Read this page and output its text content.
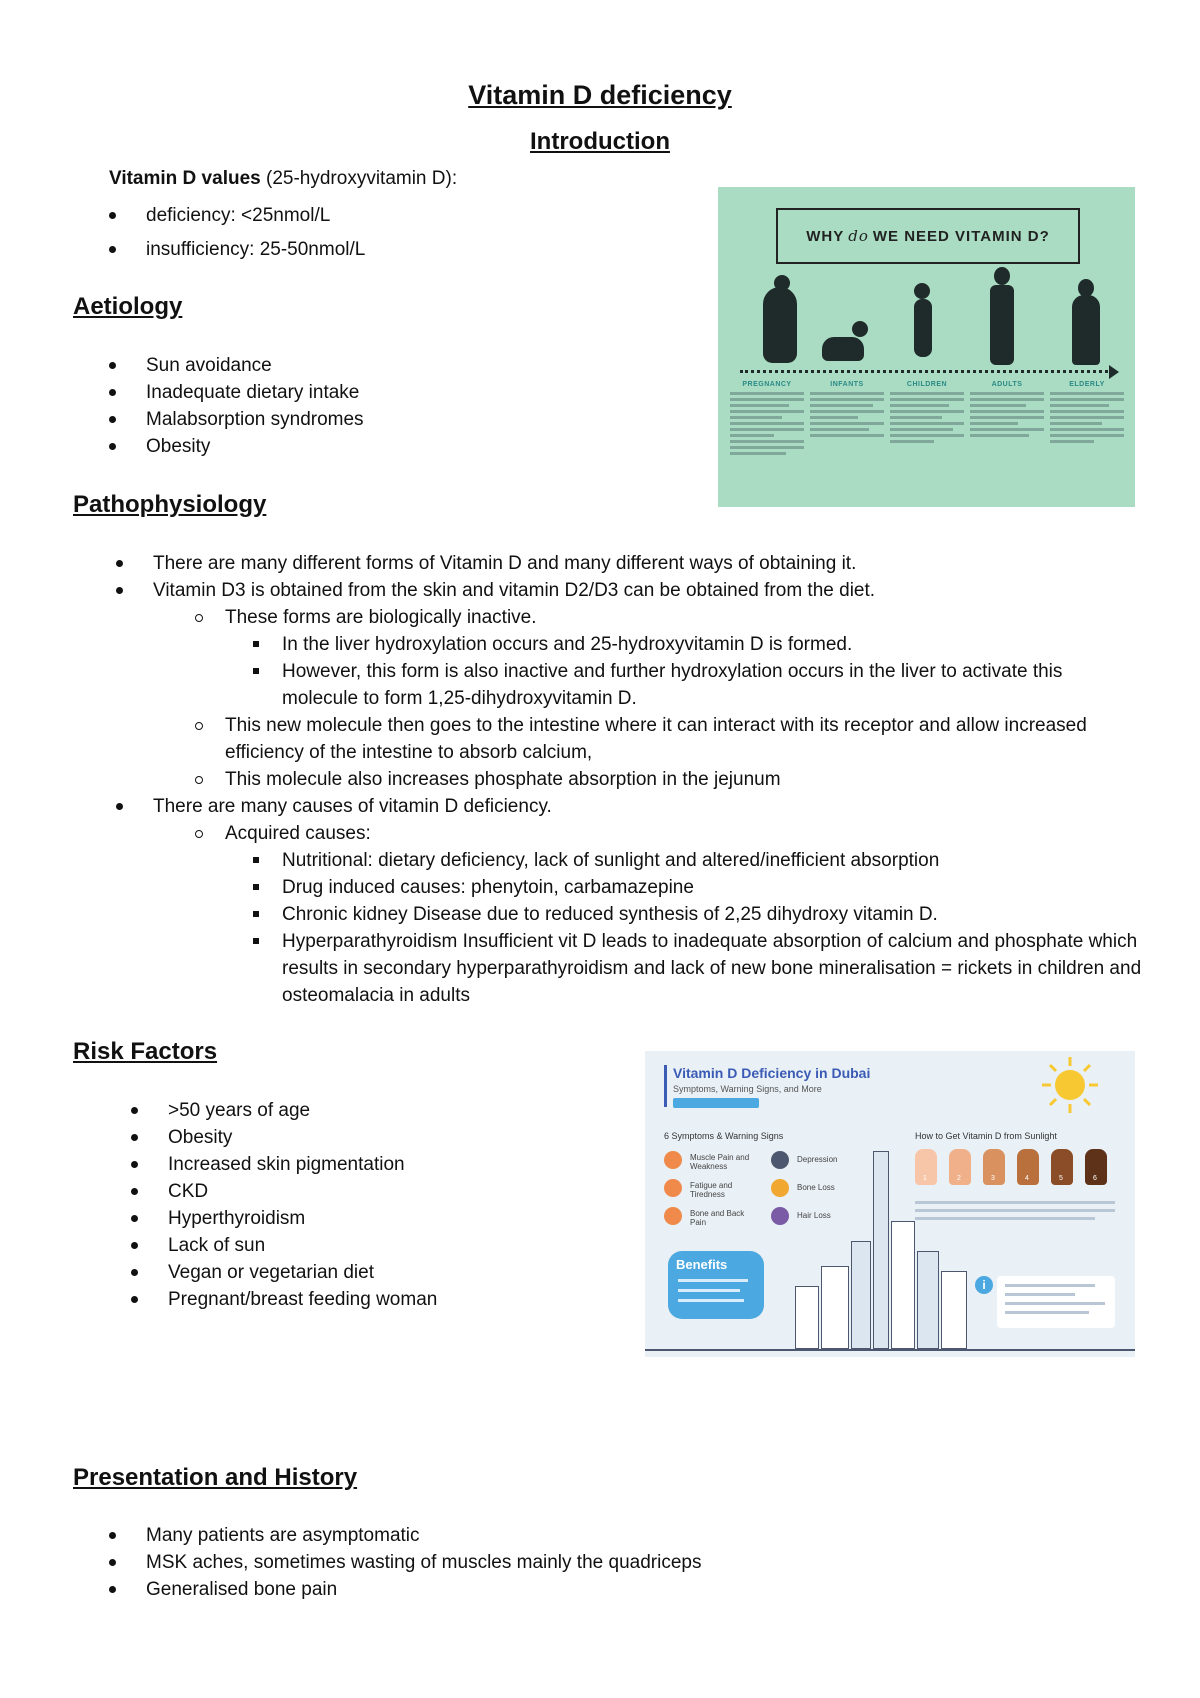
Vitamin D deficiency
Introduction
Vitamin D values (25-hydroxyvitamin D):
deficiency: <25nmol/L
insufficiency: 25-50nmol/L
Aetiology
Sun avoidance
Inadequate dietary intake
Malabsorption syndromes
Obesity
WHY do WE NEED VITAMIN D?
PREGNANCY	INFANTS	CHILDREN	ADULTS	ELDERLY
Pathophysiology
There are many different forms of Vitamin D and many different ways of obtaining it.
Vitamin D3 is obtained from the skin and vitamin D2/D3 can be obtained from the diet.
These forms are biologically inactive.
In the liver hydroxylation occurs and 25-hydroxyvitamin D is formed.
However, this form is also inactive and further hydroxylation occurs in the liver to activate this molecule to form 1,25-dihydroxyvitamin D.
This new molecule then goes to the intestine where it can interact with its receptor and allow increased efficiency of the intestine to absorb calcium,
This molecule also increases phosphate absorption in the jejunum
There are many causes of vitamin D deficiency.
Acquired causes:
Nutritional: dietary deficiency, lack of sunlight and altered/inefficient absorption
Drug induced causes: phenytoin, carbamazepine
Chronic kidney Disease due to reduced synthesis of 2,25 dihydroxy vitamin D.
Hyperparathyroidism Insufficient vit D leads to inadequate absorption of calcium and phosphate which results in secondary hyperparathyroidism and lack of new bone mineralisation = rickets in children and osteomalacia in adults
Risk Factors
>50 years of age
Obesity
Increased skin pigmentation
CKD
Hyperthyroidism
Lack of sun
Vegan or vegetarian diet
Pregnant/breast feeding woman
Vitamin D Deficiency in Dubai
Symptoms, Warning Signs, and More
6 Symptoms & Warning Signs
Muscle Pain and Weakness
Fatigue and Tiredness
Bone and Back Pain
Depression
Bone Loss
Hair Loss
How to Get Vitamin D from Sunlight
1	2	3	4	5	6
Benefits
i
Presentation and History
Many patients are asymptomatic
MSK aches, sometimes wasting of muscles mainly the quadriceps
Generalised bone pain
